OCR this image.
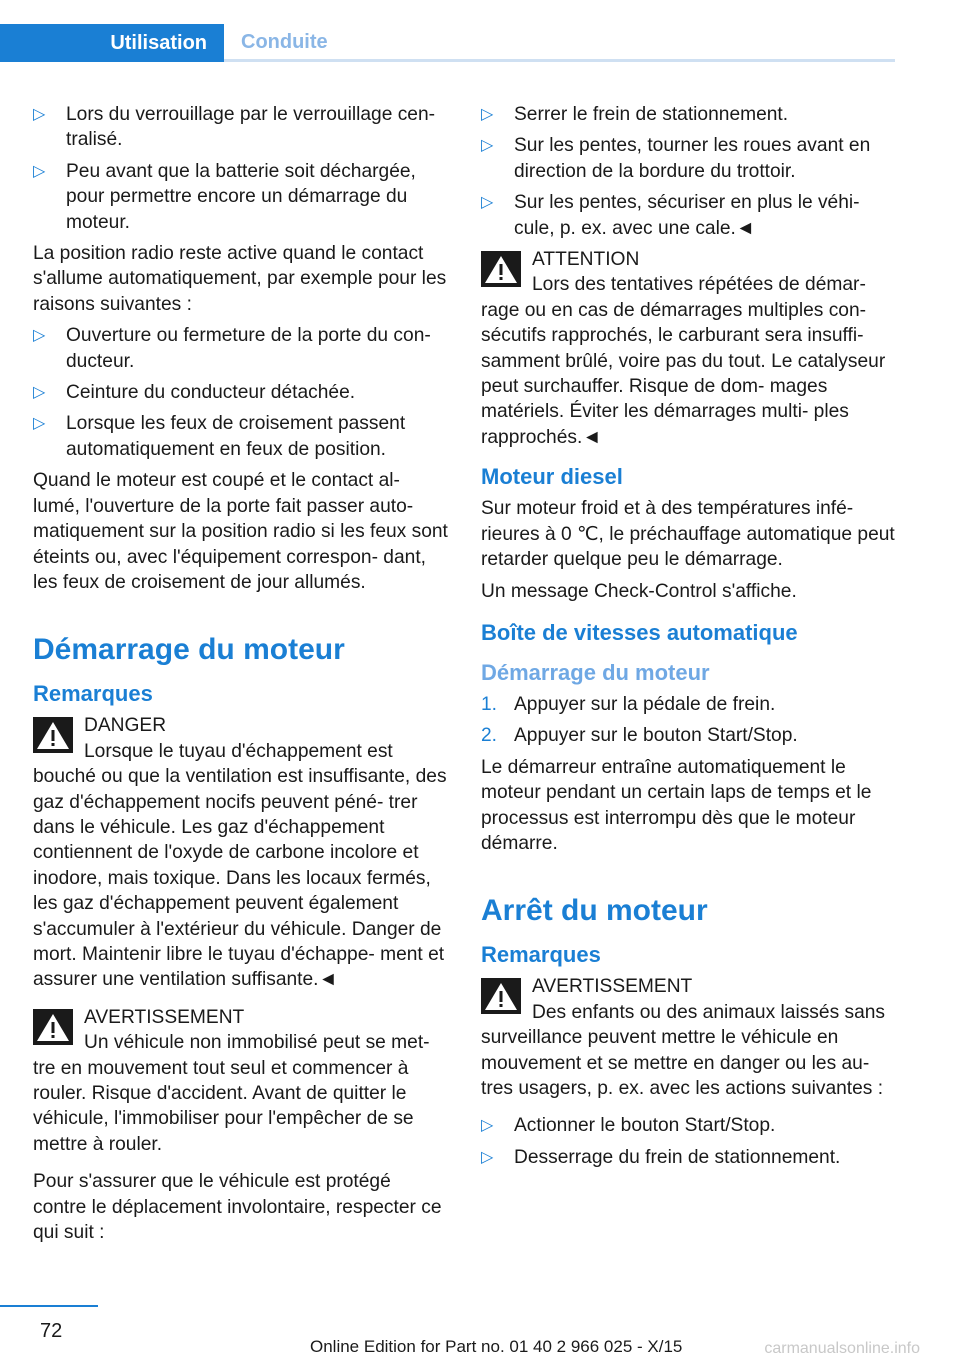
Utilisation	Conduite
▷ Lors du verrouillage par le verrouillage cen‐ tralisé.
▷ Peu avant que la batterie soit déchargée, pour permettre encore un démarrage du moteur.

La position radio reste active quand le contact s'allume automatiquement, par exemple pour les raisons suivantes :

▷ Ouverture ou fermeture de la porte du con‐ ducteur.
▷ Ceinture du conducteur détachée.
▷ Lorsque les feux de croisement passent automatiquement en feux de position.

Quand le moteur est coupé et le contact al‐ lumé, l'ouverture de la porte fait passer auto‐ matiquement sur la position radio si les feux sont éteints ou, avec l'équipement correspon‐ dant, les feux de croisement de jour allumés.

Démarrage du moteur
Remarques
DANGER
Lorsque le tuyau d'échappement est
bouché ou que la ventilation est insuffisante, des gaz d'échappement nocifs peuvent péné‐ trer dans le véhicule. Les gaz d'échappement contiennent de l'oxyde de carbone incolore et inodore, mais toxique. Dans les locaux fermés, les gaz d'échappement peuvent également s'accumuler à l'extérieur du véhicule. Danger de mort. Maintenir libre le tuyau d'échappe‐ ment et assurer une ventilation suffisante.◄
AVERTISSEMENT
Un véhicule non immobilisé peut se met‐
tre en mouvement tout seul et commencer à rouler. Risque d'accident. Avant de quitter le véhicule, l'immobiliser pour l'empêcher de se mettre à rouler.

Pour s'assurer que le véhicule est protégé contre le déplacement involontaire, respecter ce qui suit :

▷ Serrer le frein de stationnement.
▷ Sur les pentes, tourner les roues avant en direction de la bordure du trottoir.
▷ Sur les pentes, sécuriser en plus le véhi‐ cule, p. ex. avec une cale.◄
ATTENTION
Lors des tentatives répétées de démar‐
rage ou en cas de démarrages multiples con‐ sécutifs rapprochés, le carburant sera insuffi‐ samment brûlé, voire pas du tout. Le catalyseur peut surchauffer. Risque de dom‐ mages matériels. Éviter les démarrages multi‐ ples rapprochés.◄
Moteur diesel

Sur moteur froid et à des températures infé‐ rieures à 0 ℃, le préchauffage automatique peut retarder quelque peu le démarrage.

Un message Check-Control s'affiche.

Boîte de vitesses automatique
Démarrage du moteur
1. Appuyer sur la pédale de frein.
2. Appuyer sur le bouton Start/Stop.

Le démarreur entraîne automatiquement le moteur pendant un certain laps de temps et le processus est interrompu dès que le moteur démarre.

Arrêt du moteur
Remarques
AVERTISSEMENT
Des enfants ou des animaux laissés sans
surveillance peuvent mettre le véhicule en mouvement et se mettre en danger ou les au‐ tres usagers, p. ex. avec les actions suivantes :
▷ Actionner le bouton Start/Stop.
▷ Desserrage du frein de stationnement.
72
Online Edition for Part no. 01 40 2 966 025 - X/15	carmanualsonline.info
